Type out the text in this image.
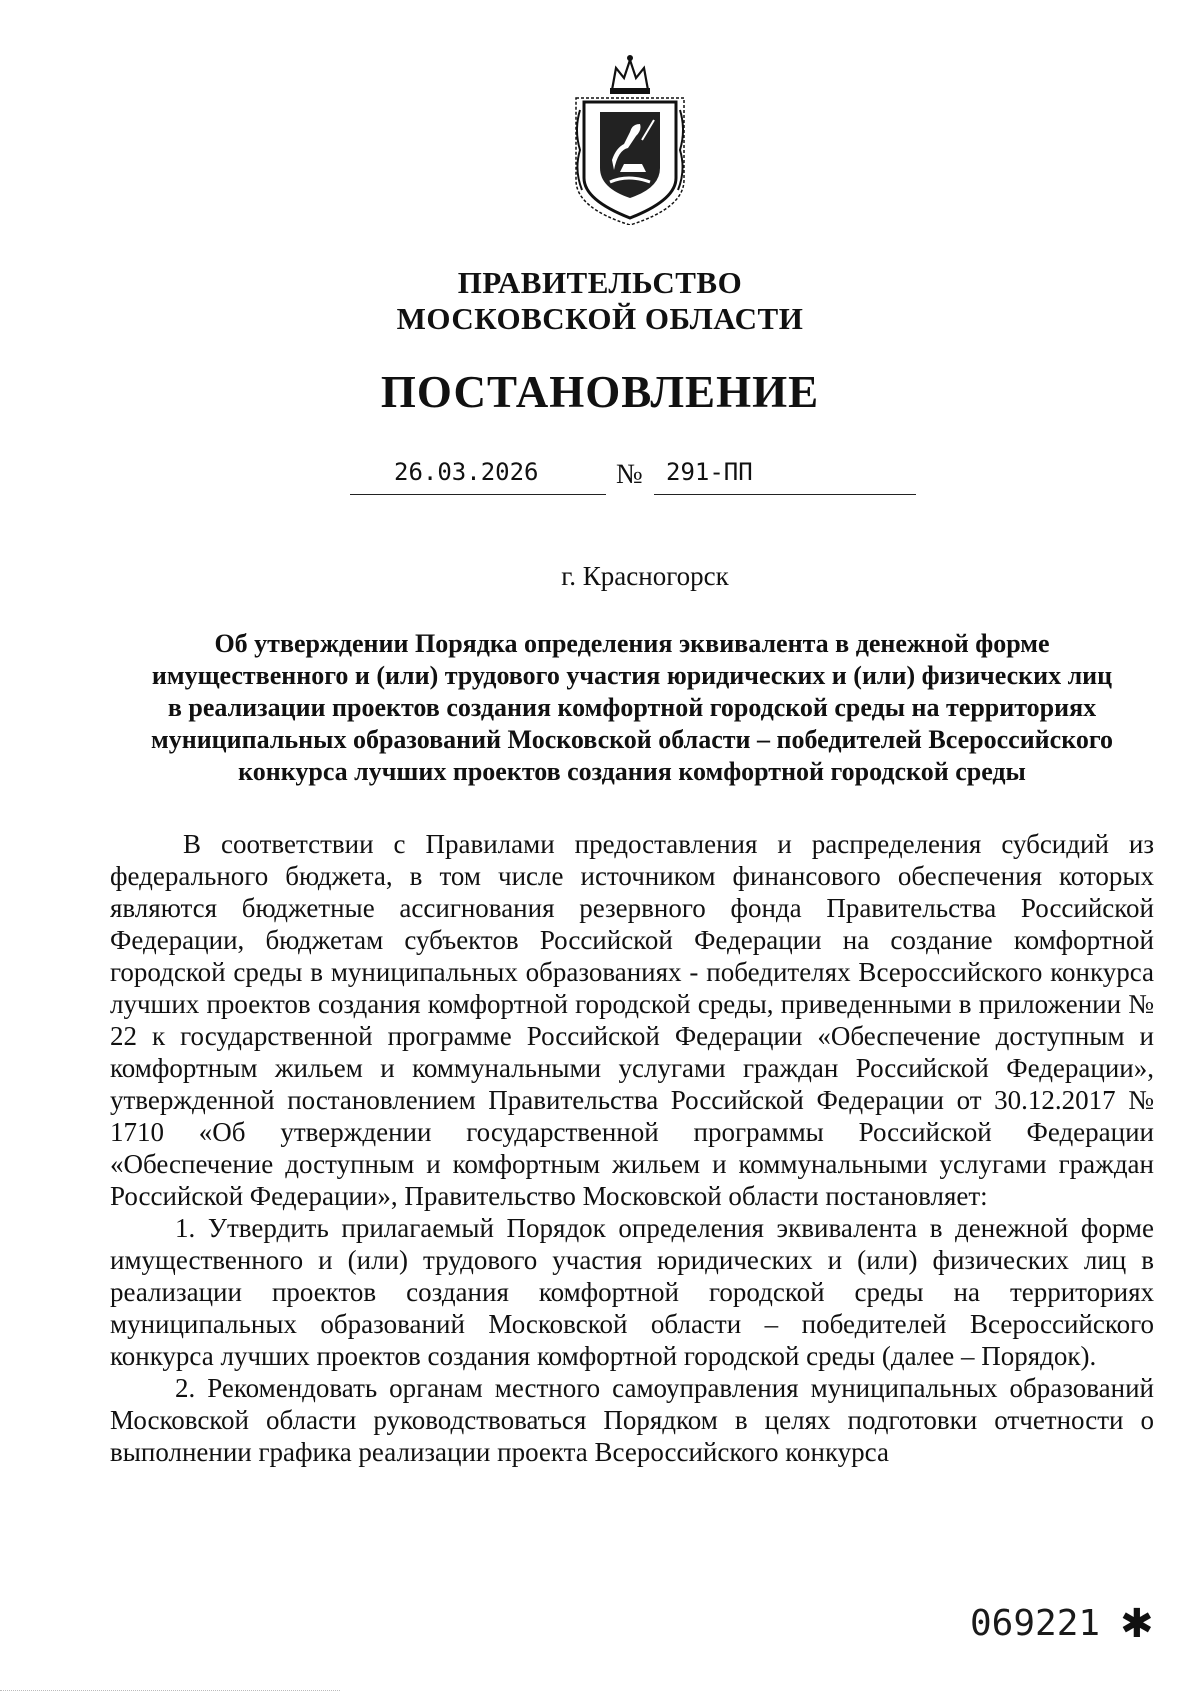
ПРАВИТЕЛЬСТВО
МОСКОВСКОЙ ОБЛАСТИ
ПОСТАНОВЛЕНИЕ
26.03.2026	№ 291-ПП
г. Красногорск
Об утверждении Порядка определения эквивалента в денежной форме
имущественного и (или) трудового участия юридических и (или) физических лиц
в реализации проектов создания комфортной городской среды на территориях
муниципальных образований Московской области – победителей Всероссийского
конкурса лучших проектов создания комфортной городской среды

В соответствии с Правилами предоставления и распределения субсидий из федерального бюджета, в том числе источником финансового обеспечения которых являются бюджетные ассигнования резервного фонда Правительства Российской Федерации, бюджетам субъектов Российской Федерации на создание комфортной городской среды в муниципальных образованиях - победителях Всероссийского конкурса лучших проектов создания комфортной городской среды, приведенными в приложении № 22 к государственной программе Российской Федерации «Обеспечение доступным и комфортным жильем и коммунальными услугами граждан Российской Федерации», утвержденной постановлением Правительства Российской Федерации от 30.12.2017 № 1710 «Об утверждении государственной программы Российской Федерации «Обеспечение доступным и комфортным жильем и коммунальными услугами граждан Российской Федерации», Правительство Московской области постановляет:

1. Утвердить прилагаемый Порядок определения эквивалента в денежной форме имущественного и (или) трудового участия юридических и (или) физических лиц в реализации проектов создания комфортной городской среды на территориях муниципальных образований Московской области – победителей Всероссийского конкурса лучших проектов создания комфортной городской среды (далее – Порядок).

2. Рекомендовать органам местного самоуправления муниципальных образований Московской области руководствоваться Порядком в целях подготовки отчетности о выполнении графика реализации проекта Всероссийского конкурса

069221 ✱
